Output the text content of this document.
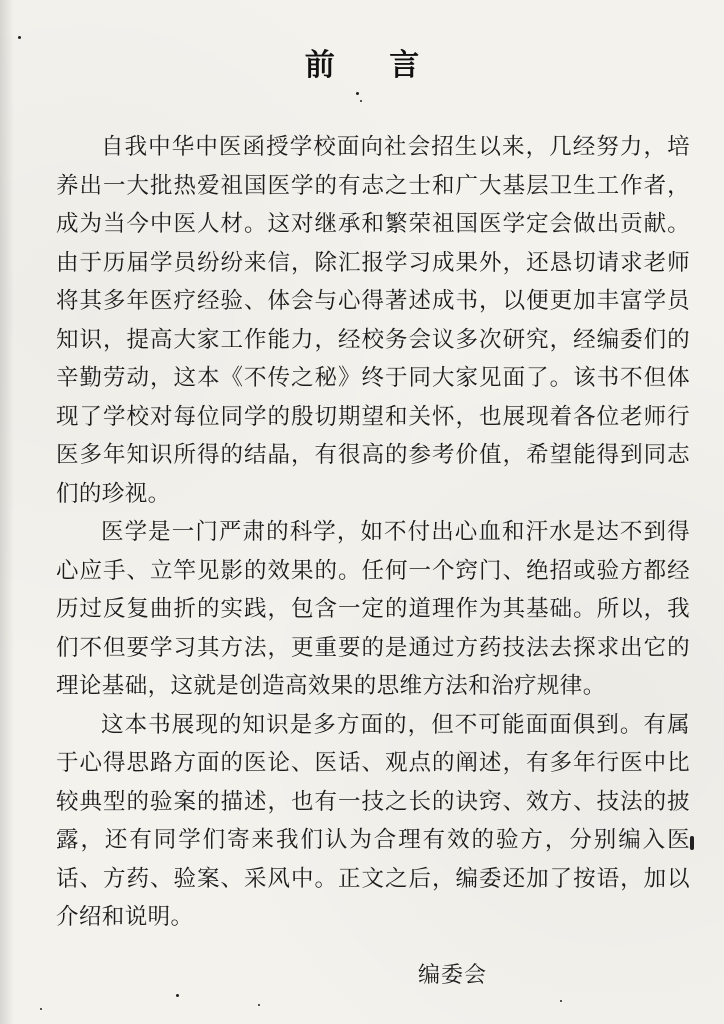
前 言

自我中华中医函授学校面向社会招生以来，几经努力，培养出一大批热爱祖国医学的有志之士和广大基层卫生工作者，成为当今中医人材。这对继承和繁荣祖国医学定会做出贡献。由于历届学员纷纷来信，除汇报学习成果外，还恳切请求老师将其多年医疗经验、体会与心得著述成书，以便更加丰富学员知识，提高大家工作能力，经校务会议多次研究，经编委们的辛勤劳动，这本《不传之秘》终于同大家见面了。该书不但体现了学校对每位同学的殷切期望和关怀，也展现着各位老师行医多年知识所得的结晶，有很高的参考价值，希望能得到同志们的珍视。

医学是一门严肃的科学，如不付出心血和汗水是达不到得心应手、立竿见影的效果的。任何一个窍门、绝招或验方都经历过反复曲折的实践，包含一定的道理作为其基础。所以，我们不但要学习其方法，更重要的是通过方药技法去探求出它的理论基础，这就是创造高效果的思维方法和治疗规律。

这本书展现的知识是多方面的，但不可能面面俱到。有属于心得思路方面的医论、医话、观点的阐述，有多年行医中比较典型的验案的描述，也有一技之长的诀窍、效方、技法的披露，还有同学们寄来我们认为合理有效的验方，分别编入医话、方药、验案、采风中。正文之后，编委还加了按语，加以介绍和说明。

编委会
